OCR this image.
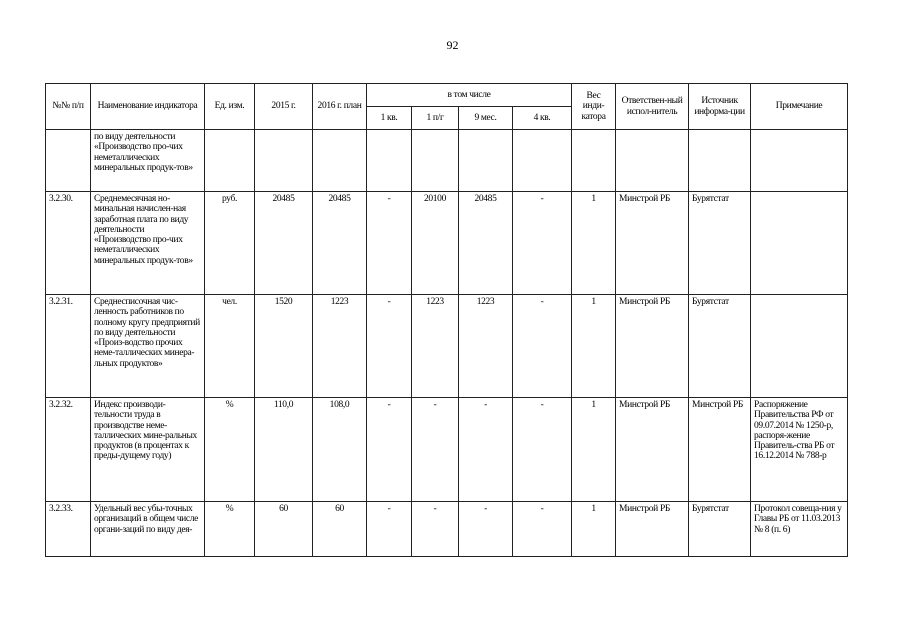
92
№№ п/п	Наименование индикатора	Ед. изм.	2015 г.	2016 г. план	в том числе				Вес инди-катора	Ответствен-ный испол-нитель	Источник информа-ции	Примечание
					1 кв.	1 п/г	9 мес.	4 кв.				
	по виду деятельности «Производство про-чих неметаллических минеральных продук-тов»											
3.2.30.	Среднемесячная но-минальная начислен-ная заработная плата по виду деятельности «Производство про-чих неметаллических минеральных продук-тов»	руб.	20485	20485	-	20100	20485	-	1	Минстрой РБ	Бурятстат	
3.2.31.	Среднесписочная чис-ленность работников по полному кругу предприятий по виду деятельности «Произ-водство прочих неме-таллических минера-льных продуктов»	чел.	1520	1223	-	1223	1223	-	1	Минстрой РБ	Бурятстат	
3.2.32.	Индекс производи-тельности труда в производстве неме-таллических мине-ральных продуктов (в процентах к преды-дущему году)	%	110,0	108,0	-	-	-	-	1	Минстрой РБ	Минстрой РБ	Распоряжение Правительства РФ от 09.07.2014 № 1250-р, распоря-жение Правитель-ства РБ от 16.12.2014 № 788-р
3.2.33.	Удельный вес убы-точных организаций в общем числе органи-заций по виду дея-	%	60	60	-	-	-	-	1	Минстрой РБ	Бурятстат	Протокол совеща-ния у Главы РБ от 11.03.2013 № 8 (п. 6)
